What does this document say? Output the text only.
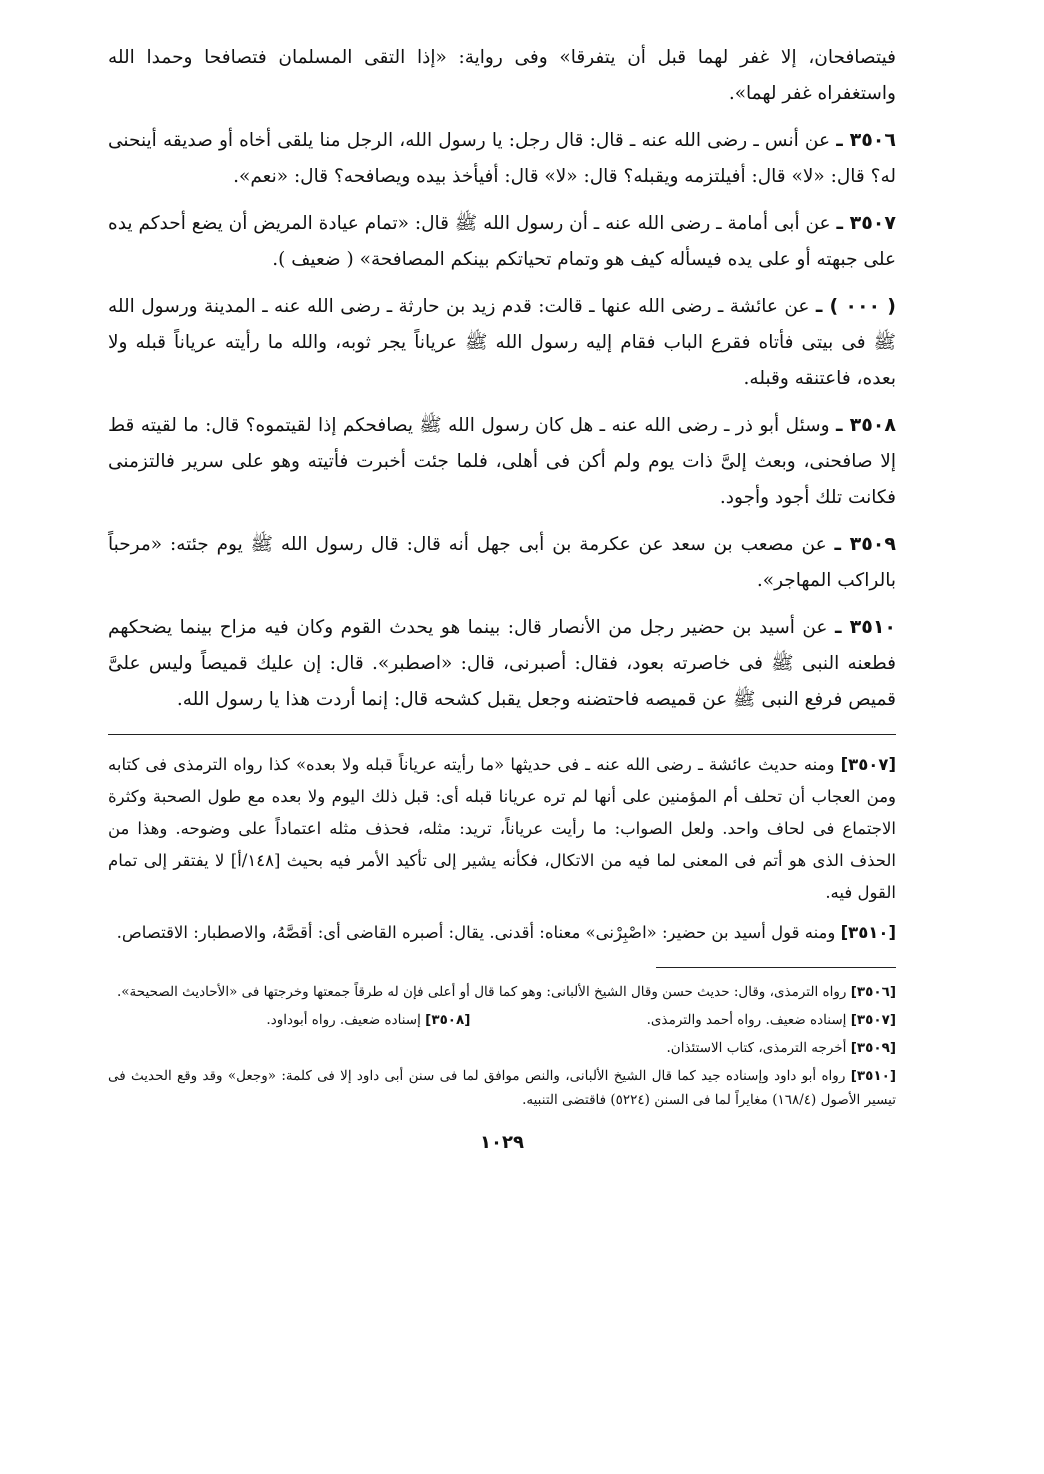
فيتصافحان، إلا غفر لهما قبل أن يتفرقا» وفى رواية: «إذا التقى المسلمان فتصافحا وحمدا الله واستغفراه غفر لهما».

٣٥٠٦ ـ عن أنس ـ رضى الله عنه ـ قال: قال رجل: يا رسول الله، الرجل منا يلقى أخاه أو صديقه أينحنى له؟ قال: «لا» قال: أفيلتزمه ويقبله؟ قال: «لا» قال: أفيأخذ بيده ويصافحه؟ قال: «نعم».

٣٥٠٧ ـ عن أبى أمامة ـ رضى الله عنه ـ أن رسول الله ﷺ قال: «تمام عيادة المريض أن يضع أحدكم يده على جبهته أو على يده فيسأله كيف هو وتمام تحياتكم بينكم المصافحة» ( ضعيف ).

( ٠٠٠ ) ـ عن عائشة ـ رضى الله عنها ـ قالت: قدم زيد بن حارثة ـ رضى الله عنه ـ المدينة ورسول الله ﷺ فى بيتى فأتاه فقرع الباب فقام إليه رسول الله ﷺ عرياناً يجر ثوبه، والله ما رأيته عرياناً قبله ولا بعده، فاعتنقه وقبله.

٣٥٠٨ ـ وسئل أبو ذر ـ رضى الله عنه ـ هل كان رسول الله ﷺ يصافحكم إذا لقيتموه؟ قال: ما لقيته قط إلا صافحنى، وبعث إلىَّ ذات يوم ولم أكن فى أهلى، فلما جئت أخبرت فأتيته وهو على سرير فالتزمنى فكانت تلك أجود وأجود.

٣٥٠٩ ـ عن مصعب بن سعد عن عكرمة بن أبى جهل أنه قال: قال رسول الله ﷺ يوم جئته: «مرحباً بالراكب المهاجر».

٣٥١٠ ـ عن أسيد بن حضير رجل من الأنصار قال: بينما هو يحدث القوم وكان فيه مزاح بينما يضحكهم فطعنه النبى ﷺ فى خاصرته بعود، فقال: أصبرنى، قال: «اصطبر». قال: إن عليك قميصاً وليس علىَّ قميص فرفع النبى ﷺ عن قميصه فاحتضنه وجعل يقبل كشحه قال: إنما أردت هذا يا رسول الله.

[٣٥٠٧] ومنه حديث عائشة ـ رضى الله عنه ـ فى حديثها «ما رأيته عرياناً قبله ولا بعده» كذا رواه الترمذى فى كتابه ومن العجاب أن تحلف أم المؤمنين على أنها لم تره عريانا قبله أى: قبل ذلك اليوم ولا بعده مع طول الصحبة وكثرة الاجتماع فى لحاف واحد. ولعل الصواب: ما رأيت عرياناً، تريد: مثله، فحذف مثله اعتماداً على وضوحه. وهذا من الحذف الذى هو أتم فى المعنى لما فيه من الاتكال، فكأنه يشير إلى تأكيد الأمر فيه بحيث [١٤٨/أ] لا يفتقر إلى تمام القول فيه.

[٣٥١٠] ومنه قول أسيد بن حضير: «اصْبِرْنى» معناه: أقدنى. يقال: أصبره القاضى أى: أقصَّهُ، والاصطبار: الاقتصاص.

[٣٥٠٦] رواه الترمذى، وقال: حديث حسن وقال الشيخ الألبانى: وهو كما قال أو أعلى فإن له طرقاً جمعتها وخرجتها فى «الأحاديث الصحيحة».

[٣٥٠٧] إسناده ضعيف. رواه أحمد والترمذى.
[٣٥٠٨] إسناده ضعيف. رواه أبوداود.

[٣٥٠٩] أخرجه الترمذى، كتاب الاستئذان.

[٣٥١٠] رواه أبو داود وإسناده جيد كما قال الشيخ الألبانى، والنص موافق لما فى سنن أبى داود إلا فى كلمة: «وجعل» وقد وقع الحديث فى تيسير الأصول (١٦٨/٤) مغايراً لما فى السنن (٥٢٢٤) فاقتضى التنبيه.

١٠٢٩
